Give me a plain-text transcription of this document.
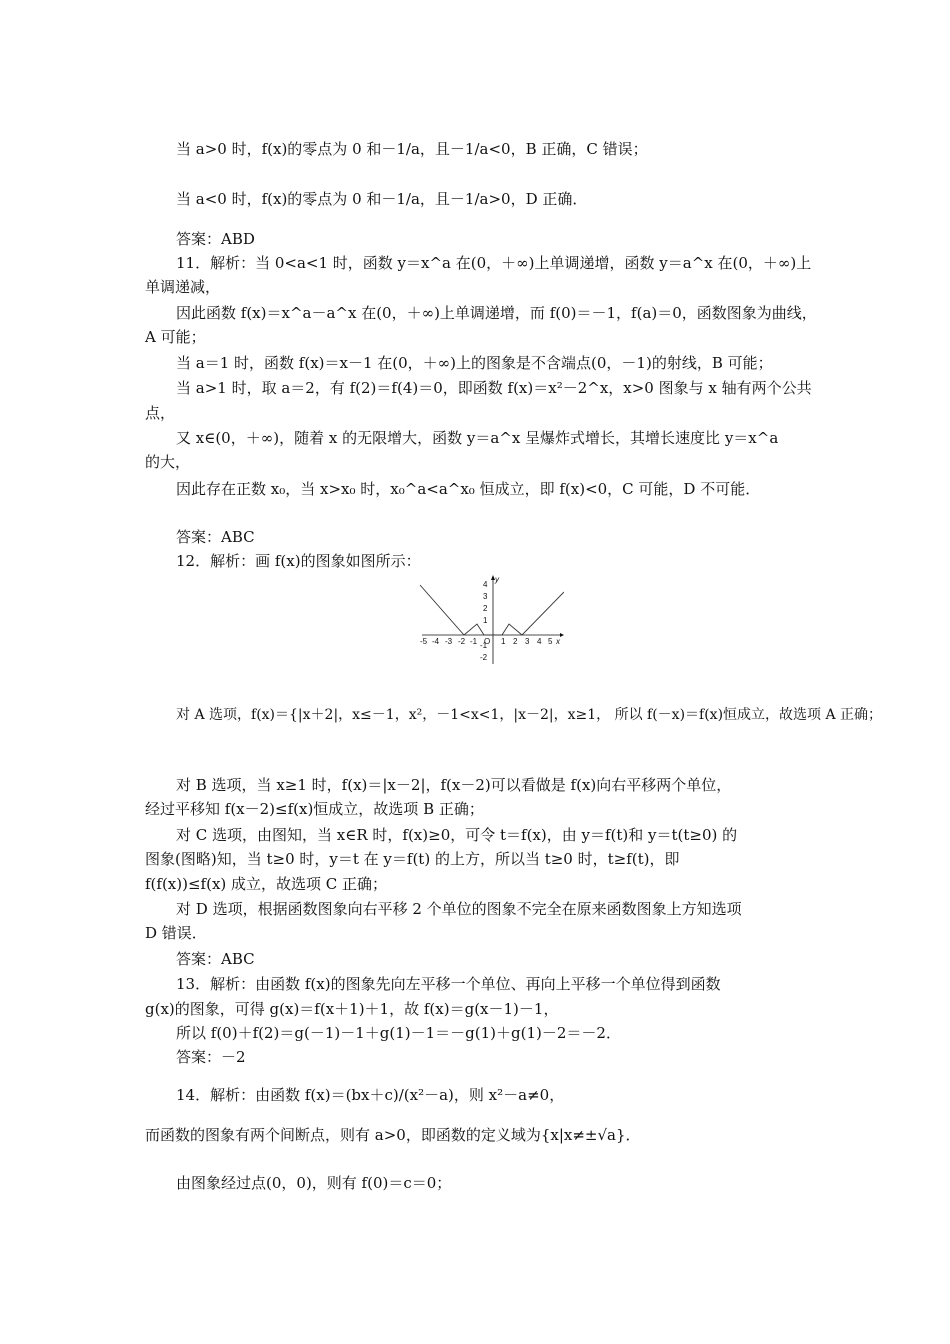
当 a>0 时，f(x)的零点为 0 和－1/a，且－1/a<0，B 正确，C 错误；
当 a<0 时，f(x)的零点为 0 和－1/a，且－1/a>0，D 正确．
答案：ABD
11．解析：当 0<a<1 时，函数 y＝x^a 在(0，＋∞)上单调递增，函数 y＝a^x 在(0，＋∞)上
单调递减，
因此函数 f(x)＝x^a－a^x 在(0，＋∞)上单调递增，而 f(0)＝－1，f(a)＝0，函数图象为曲线，
A 可能；
当 a＝1 时，函数 f(x)＝x－1 在(0，＋∞)上的图象是不含端点(0，－1)的射线，B 可能；
当 a>1 时，取 a＝2，有 f(2)＝f(4)＝0，即函数 f(x)＝x²－2^x，x>0 图象与 x 轴有两个公共
点，
又 x∈(0，＋∞)，随着 x 的无限增大，函数 y＝a^x 呈爆炸式增长，其增长速度比 y＝x^a
的大，
因此存在正数 x₀，当 x>x₀ 时，x₀^a<a^x₀ 恒成立，即 f(x)<0，C 可能，D 不可能．
答案：ABC
12．解析：画 f(x)的图象如图所示：
4
3
2
1
-1
-2
y
x
-5 -4 -3 -2 -1 O 1 2 3 4 5
对 A 选项，f(x)＝{|x＋2|，x≤－1，x²，－1<x<1，|x－2|，x≥1， 所以 f(－x)＝f(x)恒成立，故选项 A 正确；
对 B 选项，当 x≥1 时，f(x)＝|x－2|，f(x－2)可以看做是 f(x)向右平移两个单位，
经过平移知 f(x－2)≤f(x)恒成立，故选项 B 正确；
对 C 选项，由图知，当 x∈R 时，f(x)≥0，可令 t＝f(x)，由 y＝f(t)和 y＝t(t≥0) 的
图象(图略)知，当 t≥0 时，y＝t 在 y＝f(t) 的上方，所以当 t≥0 时，t≥f(t)，即
f(f(x))≤f(x) 成立，故选项 C 正确；
对 D 选项，根据函数图象向右平移 2 个单位的图象不完全在原来函数图象上方知选项
D 错误．
答案：ABC
13．解析：由函数 f(x)的图象先向左平移一个单位、再向上平移一个单位得到函数
g(x)的图象，可得 g(x)＝f(x＋1)＋1，故 f(x)＝g(x－1)－1，
所以 f(0)＋f(2)＝g(－1)－1＋g(1)－1＝－g(1)＋g(1)－2＝－2．
答案：－2
14．解析：由函数 f(x)＝(bx＋c)/(x²－a)，则 x²－a≠0，
而函数的图象有两个间断点，则有 a>0，即函数的定义域为{x|x≠±√a}．
由图象经过点(0，0)，则有 f(0)＝c＝0；
